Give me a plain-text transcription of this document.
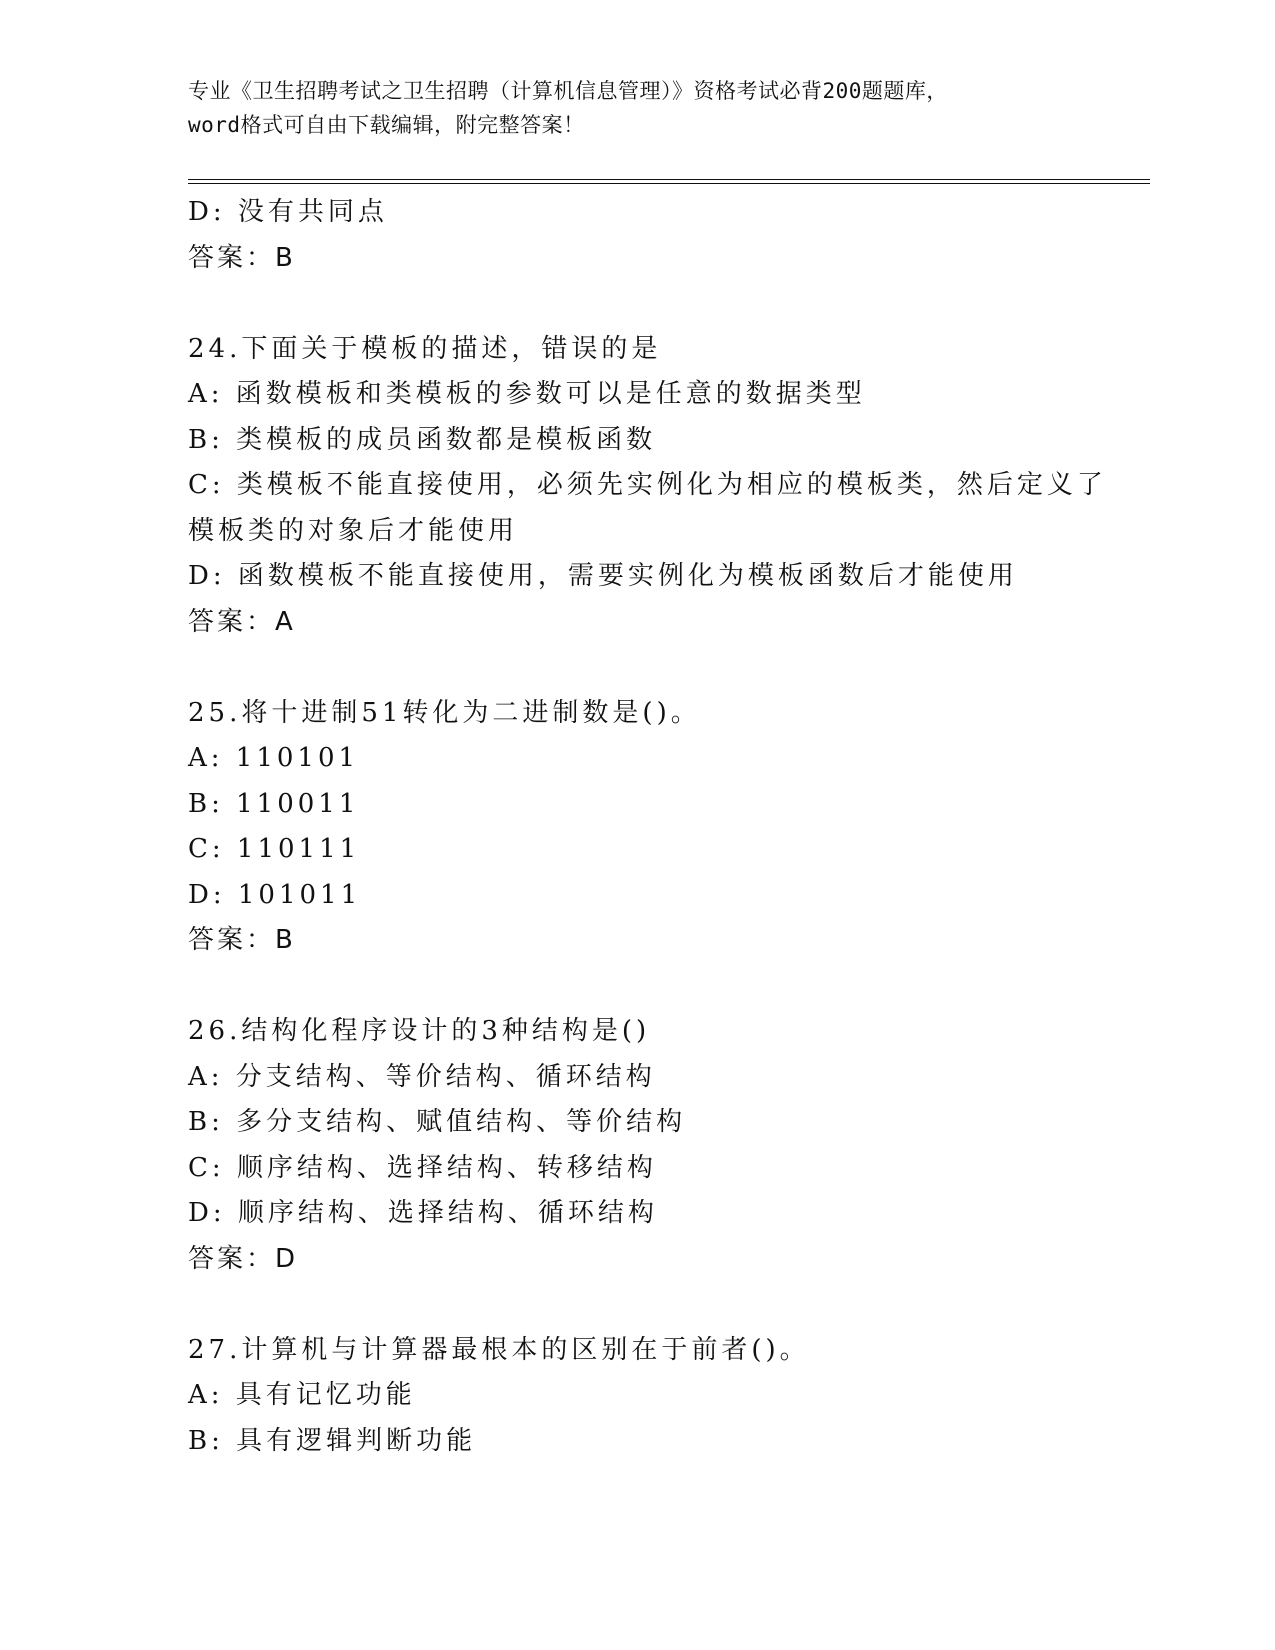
专业《卫生招聘考试之卫生招聘（计算机信息管理）》资格考试必背200题题库，

word格式可自由下载编辑，附完整答案！

D: 没有共同点

答案：B

24.下面关于模板的描述，错误的是

A: 函数模板和类模板的参数可以是任意的数据类型

B: 类模板的成员函数都是模板函数

C: 类模板不能直接使用，必须先实例化为相应的模板类，然后定义了

模板类的对象后才能使用

D: 函数模板不能直接使用，需要实例化为模板函数后才能使用

答案：A

25.将十进制51转化为二进制数是()。

A: 110101

B: 110011

C: 110111

D: 101011

答案：B

26.结构化程序设计的3种结构是()

A: 分支结构、等价结构、循环结构

B: 多分支结构、赋值结构、等价结构

C: 顺序结构、选择结构、转移结构

D: 顺序结构、选择结构、循环结构

答案：D

27.计算机与计算器最根本的区别在于前者()。

A: 具有记忆功能

B: 具有逻辑判断功能
